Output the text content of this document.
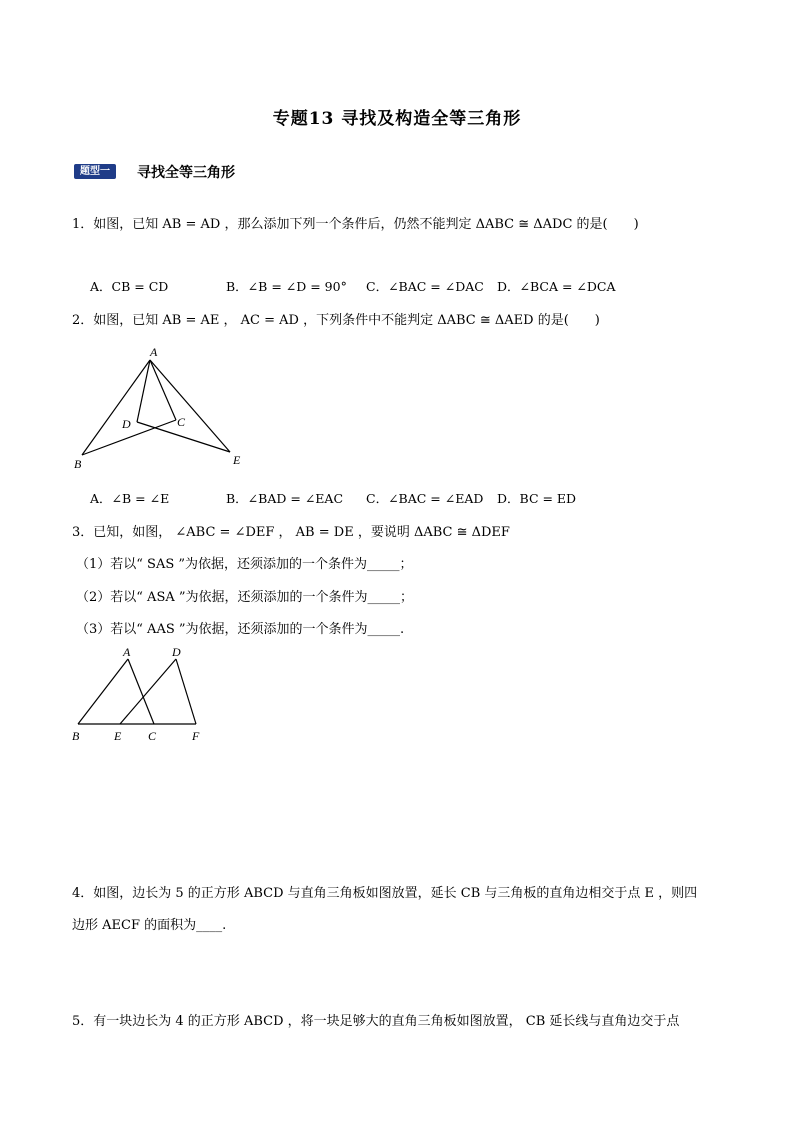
专题13 寻找及构造全等三角形
题型一	寻找全等三角形
1．如图，已知 AB = AD ，那么添加下列一个条件后，仍然不能判定 ΔABC ≅ ΔADC 的是(　　)
A．CB = CD	B．∠B = ∠D = 90° C．∠BAC = ∠DAC D．∠BCA = ∠DCA
2．如图，已知 AB = AE ， AC = AD ，下列条件中不能判定 ΔABC ≅ ΔAED 的是(　　)
A
D	C
B	E
A．∠B = ∠E	B．∠BAD = ∠EAC C．∠BAC = ∠EAD D．BC = ED
3．已知，如图， ∠ABC = ∠DEF ， AB = DE ，要说明 ΔABC ≅ ΔDEF
（1）若以“ SAS ”为依据，还须添加的一个条件为_____；
（2）若以“ ASA ”为依据，还须添加的一个条件为_____；
（3）若以“ AAS ”为依据，还须添加的一个条件为_____.
A	D
B	E C	F
4．如图，边长为 5 的正方形 ABCD 与直角三角板如图放置，延长 CB 与三角板的直角边相交于点 E ，则四
边形 AECF 的面积为____.
5．有一块边长为 4 的正方形 ABCD ，将一块足够大的直角三角板如图放置， CB 延长线与直角边交于点
